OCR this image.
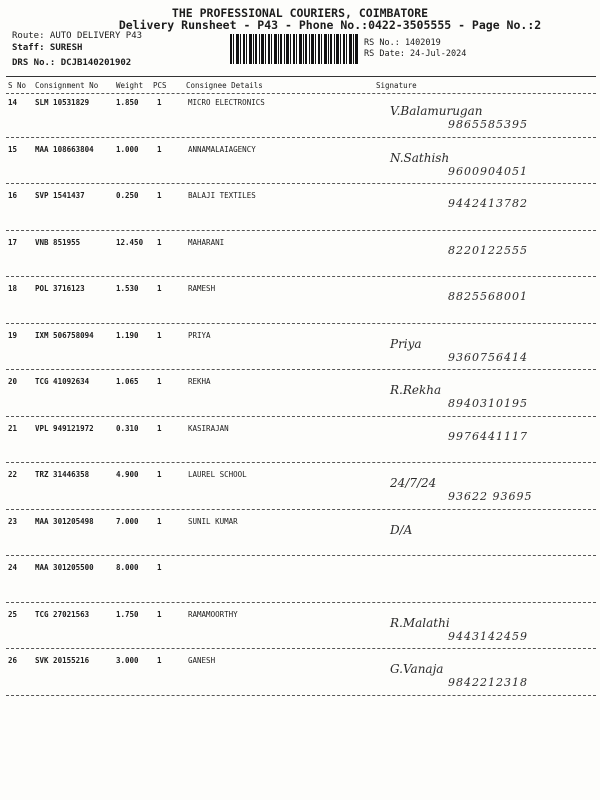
THE PROFESSIONAL COURIERS, COIMBATORE
Delivery Runsheet - P43 - Phone No.:0422-3505555 - Page No.:2
Route: AUTO DELIVERY P43
Staff: SURESH
DRS No.: DCJB140201902
RS No.: 1402019
RS Date: 24-Jul-2024
S No Consignment No Weight PCS	Consignee Details	Signature
14 SLM 10531829	1.850 1	MICRO ELECTRONICS
V.Balamurugan
9865585395
15 MAA 108663804	1.000 1	ANNAMALAIAGENCY
N.Sathish
9600904051
16 SVP 1541437	0.250 1	BALAJI TEXTILES
9442413782
17 VNB 851955	12.450 1	MAHARANI
8220122555
18 POL 3716123	1.530 1	RAMESH
8825568001
19 IXM 506758094	1.190 1	PRIYA
Priya
9360756414
20 TCG 41092634	1.065 1	REKHA
R.Rekha
8940310195
21 VPL 949121972	0.310 1	KASIRAJAN
9976441117
22 TRZ 31446358	4.900 1	LAUREL SCHOOL
24/7/24
93622 93695
23 MAA 301205498	7.000 1	SUNIL KUMAR
D/A
24 MAA 301205500	8.000 1
25 TCG 27021563	1.750 1	RAMAMOORTHY
R.Malathi
9443142459
26 SVK 20155216	3.000 1	GANESH
G.Vanaja
9842212318
